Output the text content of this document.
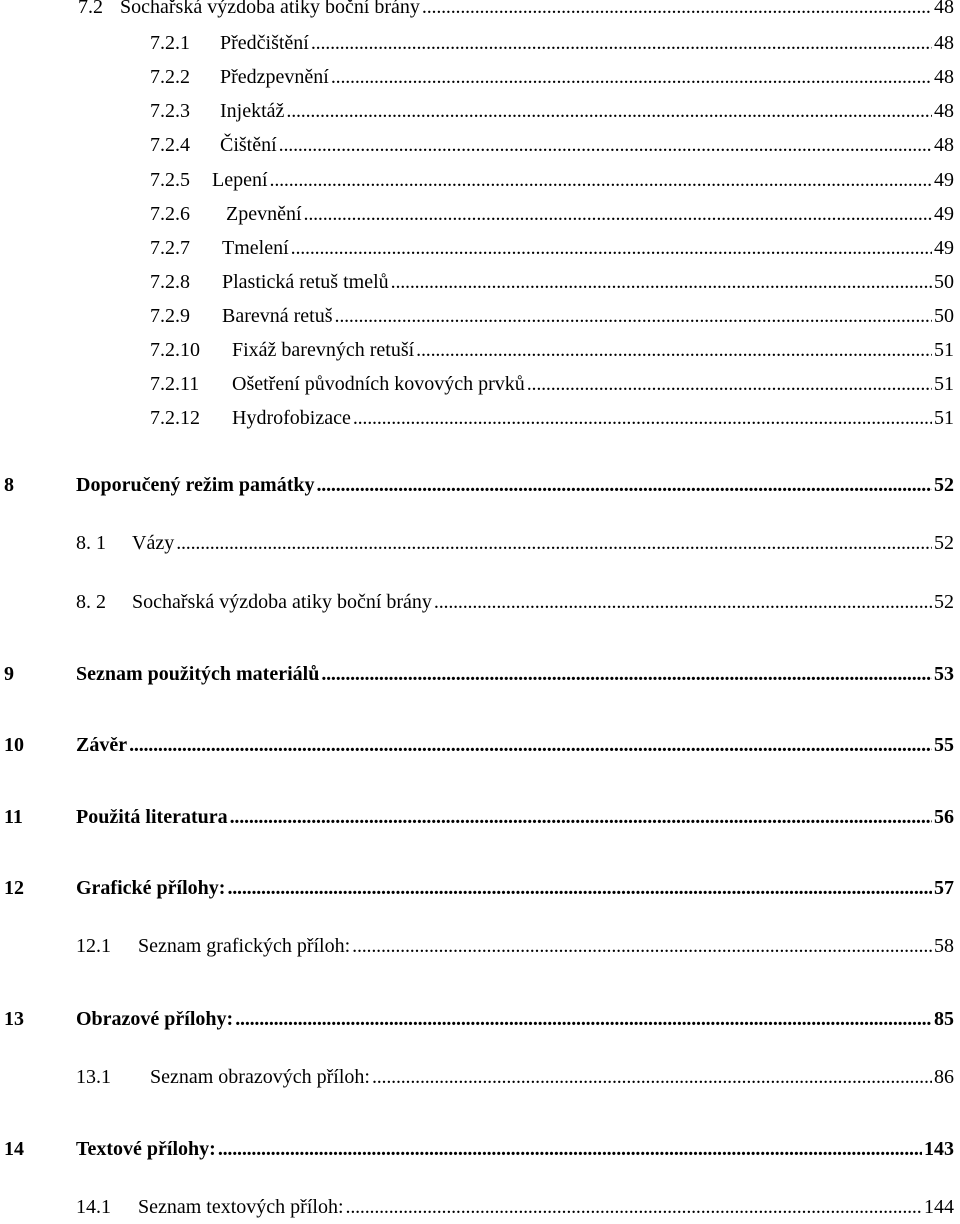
7.2 Sochařská výzdoba atiky boční brány . . .	48
7.2.1 Předčištění . . .	48
7.2.2 Předzpevnění . . .	48
7.2.3 Injektáž . . .	48
7.2.4 Čištění . . .	48
7.2.5 Lepení . . .	49
7.2.6 Zpevnění . . .	49
7.2.7 Tmelení . . .	49
7.2.8 Plastická retuš tmelů . . .	50
7.2.9 Barevná retuš . . .	50
7.2.10 Fixáž barevných retuší . . .	51
7.2.11 Ošetření původních kovových prvků . . .	51
7.2.12 Hydrofobizace . . .	51
8	Doporučený režim památky . . .	52
8. 1 Vázy . . .	52
8. 2 Sochařská výzdoba atiky boční brány . . .	52
9	Seznam použitých materiálů . . .	53
10	Závěr . . .	55
11	Použitá literatura . . .	56
12	Grafické přílohy: . . .	57
12.1 Seznam grafických příloh: . . .	58
13	Obrazové přílohy: . . .	85
13.1 Seznam obrazových příloh: . . .	86
14	Textové přílohy: . . .	143
14.1 Seznam textových příloh: . . .	144
